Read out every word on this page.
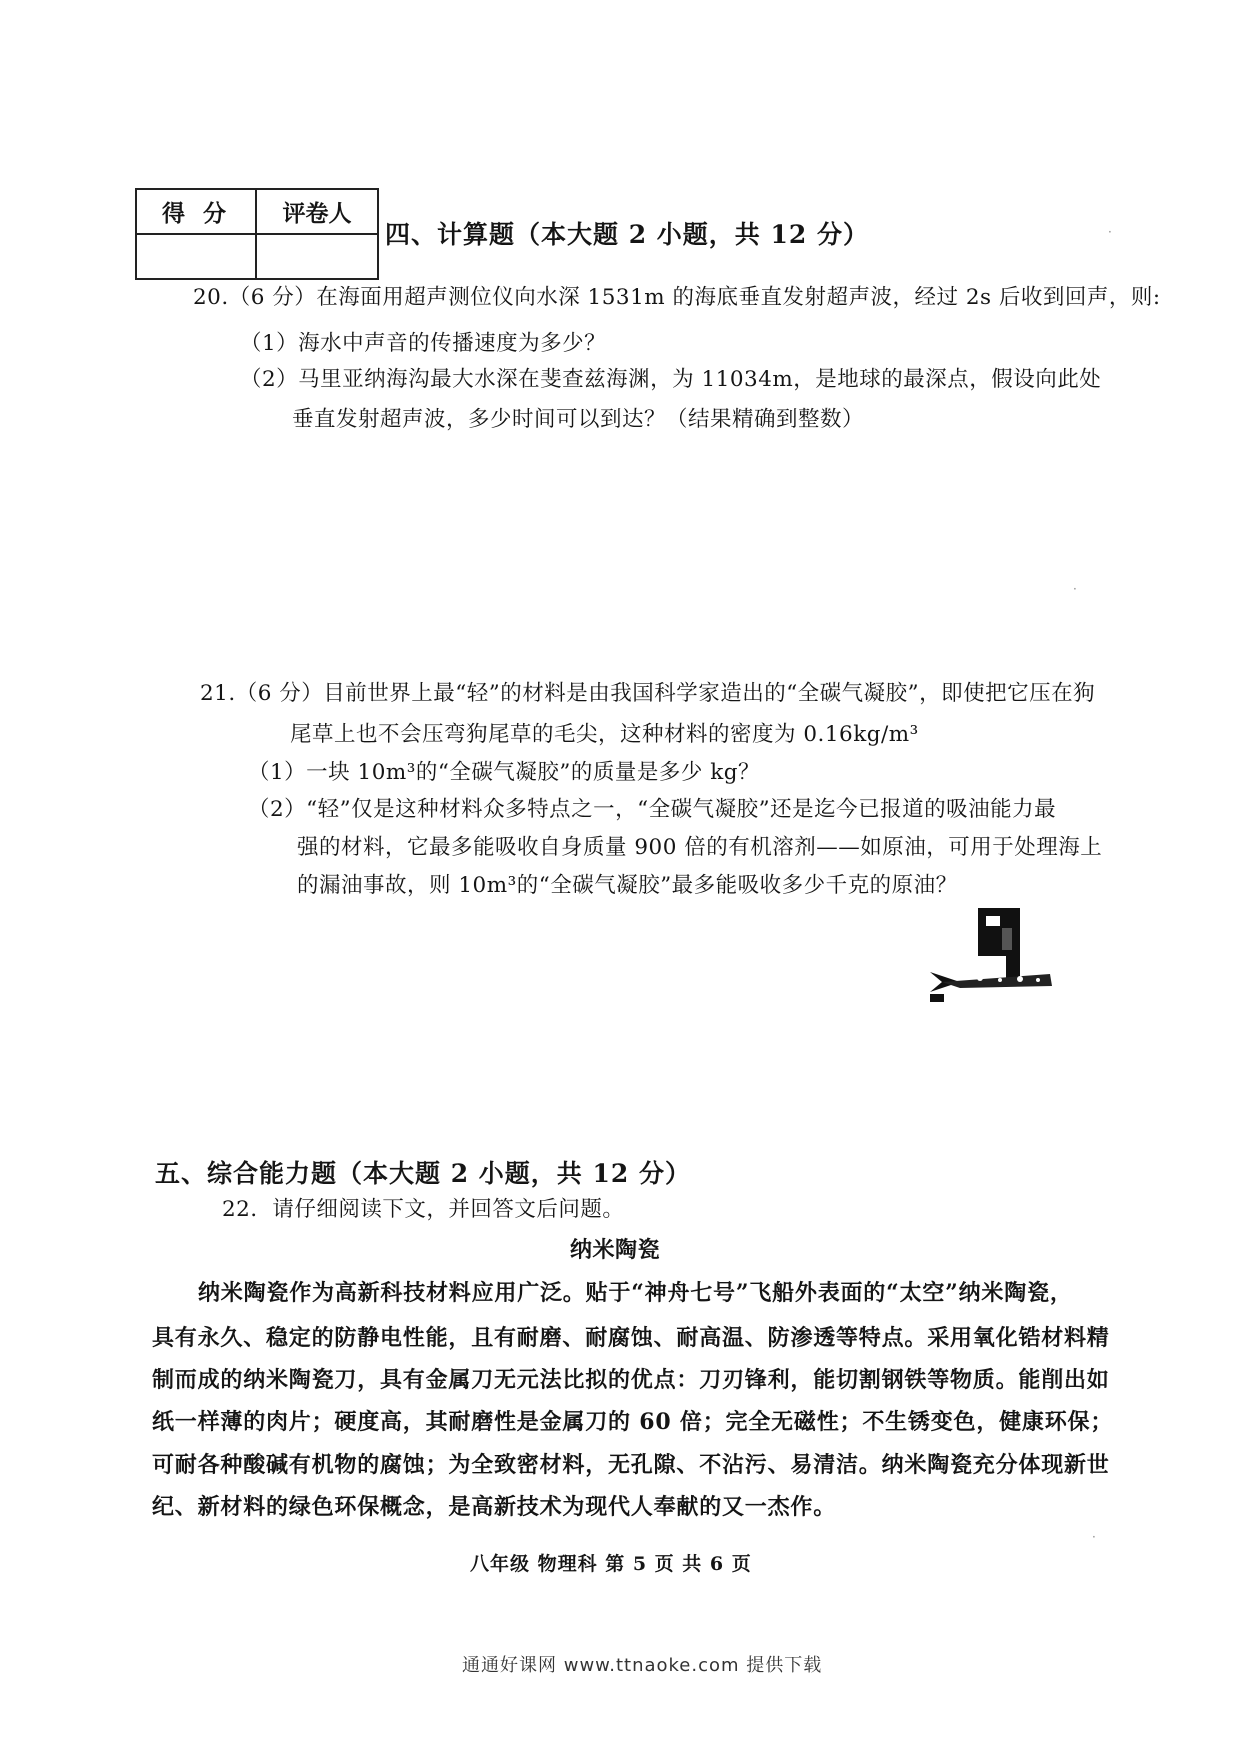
得分	评卷人

四、计算题（本大题 2 小题，共 12 分）
20.（6 分）在海面用超声测位仪向水深 1531m 的海底垂直发射超声波，经过 2s 后收到回声，则:
（1）海水中声音的传播速度为多少？
（2）马里亚纳海沟最大水深在斐查兹海渊，为 11034m，是地球的最深点，假设向此处
垂直发射超声波，多少时间可以到达？（结果精确到整数）
21.（6 分）目前世界上最“轻”的材料是由我国科学家造出的“全碳气凝胶”，即使把它压在狗
尾草上也不会压弯狗尾草的毛尖，这种材料的密度为 0.16kg/m³
（1）一块 10m³的“全碳气凝胶”的质量是多少 kg？
（2）“轻”仅是这种材料众多特点之一，“全碳气凝胶”还是迄今已报道的吸油能力最
强的材料，它最多能吸收自身质量 900 倍的有机溶剂——如原油，可用于处理海上
的漏油事故，则 10m³的“全碳气凝胶”最多能吸收多少千克的原油？
五、综合能力题（本大题 2 小题，共 12 分）
22．请仔细阅读下文，并回答文后问题。
纳米陶瓷
纳米陶瓷作为高新科技材料应用广泛。贴于“神舟七号”飞船外表面的“太空”纳米陶瓷，
具有永久、稳定的防静电性能，且有耐磨、耐腐蚀、耐高温、防渗透等特点。采用氧化锆材料精
制而成的纳米陶瓷刀，具有金属刀无元法比拟的优点：刀刃锋利，能切割钢铁等物质。能削出如
纸一样薄的肉片；硬度高，其耐磨性是金属刀的 60 倍；完全无磁性；不生锈变色，健康环保；
可耐各种酸碱有机物的腐蚀；为全致密材料，无孔隙、不沾污、易清洁。纳米陶瓷充分体现新世
纪、新材料的绿色环保概念，是高新技术为现代人奉献的又一杰作。
八年级 物理科 第 5 页 共 6 页
通通好课网 www.ttnaoke.com 提供下载
·
·
·
